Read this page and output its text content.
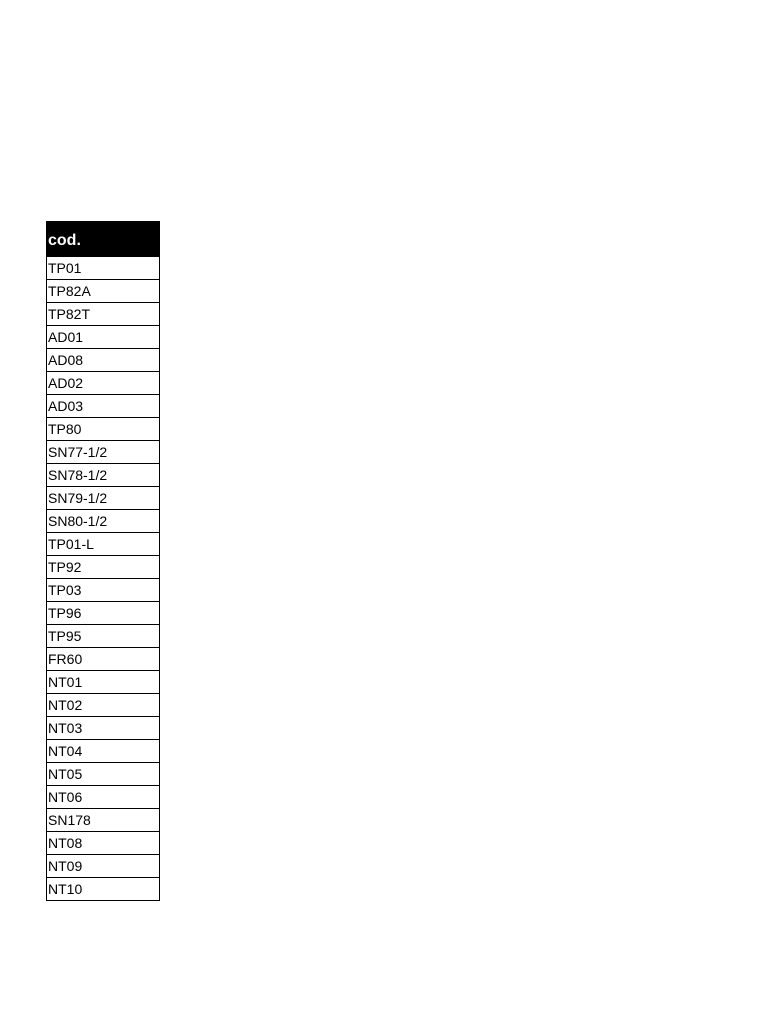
cod.
TP01
TP82A
TP82T
AD01
AD08
AD02
AD03
TP80
SN77-1/2
SN78-1/2
SN79-1/2
SN80-1/2
TP01-L
TP92
TP03
TP96
TP95
FR60
NT01
NT02
NT03
NT04
NT05
NT06
SN178
NT08
NT09
NT10
